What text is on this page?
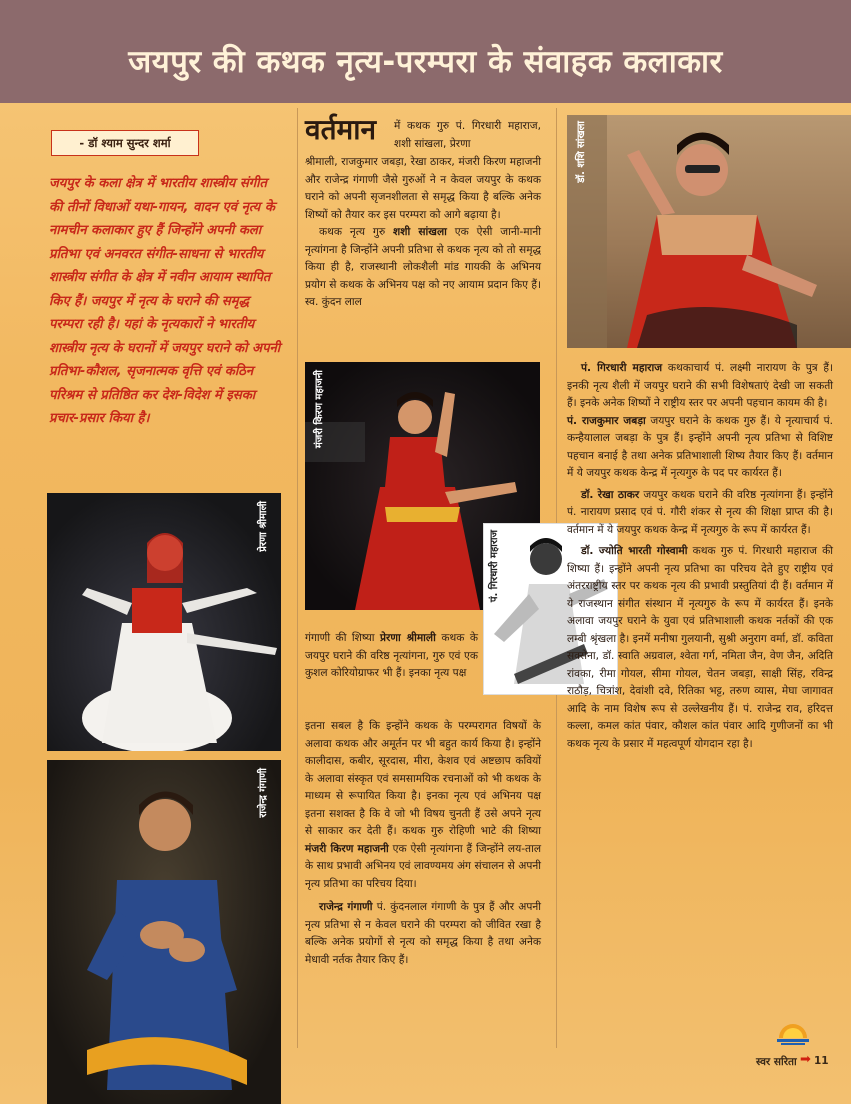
जयपुर की कथक नृत्य-परम्परा के संवाहक कलाकार
- डॉ श्याम सुन्दर शर्मा
जयपुर के कला क्षेत्र में भारतीय शास्त्रीय संगीत की तीनों विधाओं यथा-गायन, वादन एवं नृत्य के नामचीन कलाकार हुए हैं जिन्होंने अपनी कला प्रतिभा एवं अनवरत संगीत-साधना से भारतीय शास्त्रीय संगीत के क्षेत्र में नवीन आयाम स्थापित किए हैं। जयपुर में नृत्य के घराने की समृद्ध परम्परा रही है। यहां के नृत्यकारों ने भारतीय शास्त्रीय नृत्य के घरानों में जयपुर घराने को अपनी प्रतिभा-कौशल, सृजनात्मक वृत्ति एवं कठिन परिश्रम से प्रतिष्ठित कर देश-विदेश में इसका प्रचार-प्रसार किया है।
प्रेरणा श्रीमाली
राजेन्द्र गंगाणी
वर्तमान में कथक गुरु पं. गिरधारी महाराज, शशी सांखला, प्रेरणा

श्रीमाली, राजकुमार जबड़ा, रेखा ठाकर, मंजरी किरण महाजनी और राजेन्द्र गंगाणी जैसे गुरुओं ने न केवल जयपुर के कथक घराने को अपनी सृजनशीलता से समृद्ध किया है बल्कि अनेक शिष्यों को तैयार कर इस परम्परा को आगे बढ़ाया है।

कथक नृत्य गुरु शशी सांखला एक ऐसी जानी-मानी नृत्यांगना है जिन्होंने अपनी प्रतिभा से कथक नृत्य को तो समृद्ध किया ही है, राजस्थानी लोकशैली मांड गायकी के अभिनय प्रयोग से कथक के अभिनय पक्ष को नए आयाम प्रदान किए हैं। स्व. कुंदन लाल

मंजरी किरण महाजनी
पं. गिरधारी महाराज
गंगाणी की शिष्या प्रेरणा श्रीमाली कथक के जयपुर घराने की वरिष्ठ नृत्यांगना, गुरु एवं एक कुशल कोरियोग्राफर भी हैं। इनका नृत्य पक्ष

इतना सबल है कि इन्होंने कथक के परम्परागत विषयों के अलावा कथक और अमूर्तन पर भी बहुत कार्य किया है। इन्होंने कालीदास, कबीर, सूरदास, मीरा, केशव एवं अष्टछाप कवियों के अलावा संस्कृत एवं समसामयिक रचनाओं को भी कथक के माध्यम से रूपायित किया है। इनका नृत्य एवं अभिनय पक्ष इतना सशक्त है कि वे जो भी विषय चुनती हैं उसे अपने नृत्य से साकार कर देती हैं। कथक गुरु रोहिणी भाटे की शिष्या मंजरी किरण महाजनी एक ऐसी नृत्यांगना हैं जिन्होंने लय-ताल के साथ प्रभावी अभिनय एवं लावण्यमय अंग संचालन से अपनी नृत्य प्रतिभा का परिचय दिया।

राजेन्द्र गंगाणी पं. कुंदनलाल गंगाणी के पुत्र हैं और अपनी नृत्य प्रतिभा से न केवल घराने की परम्परा को जीवित रखा है बल्कि अनेक प्रयोगों से नृत्य को समृद्ध किया है तथा अनेक मेधावी नर्तक तैयार किए हैं।

डॉ. शशि सांखला

पं. गिरधारी महाराज कथकाचार्य पं. लक्ष्मी नारायण के पुत्र हैं। इनकी नृत्य शैली में जयपुर घराने की सभी विशेषताएं देखी जा सकती हैं। इनके अनेक शिष्यों ने राष्ट्रीय स्तर पर अपनी पहचान कायम की है।

पं. राजकुमार जबड़ा जयपुर घराने के कथक गुरु हैं। ये नृत्याचार्य पं. कन्हैयालाल जबड़ा के पुत्र हैं। इन्होंने अपनी नृत्य प्रतिभा से विशिष्ट पहचान बनाई है तथा अनेक प्रतिभाशाली शिष्य तैयार किए हैं। वर्तमान में ये जयपुर कथक केन्द्र में नृत्यगुरु के पद पर कार्यरत हैं।

डॉ. रेखा ठाकर जयपुर कथक घराने की वरिष्ठ नृत्यांगना हैं। इन्होंने पं. नारायण प्रसाद एवं पं. गौरी शंकर से नृत्य की शिक्षा प्राप्त की है। वर्तमान में ये जयपुर कथक केन्द्र में नृत्यगुरु के रूप में कार्यरत हैं।

डॉ. ज्योति भारती गोस्वामी कथक गुरु पं. गिरधारी महाराज की शिष्या हैं। इन्होंने अपनी नृत्य प्रतिभा का परिचय देते हुए राष्ट्रीय एवं अंतरराष्ट्रीय स्तर पर कथक नृत्य की प्रभावी प्रस्तुतियां दी हैं। वर्तमान में ये राजस्थान संगीत संस्थान में नृत्यगुरु के रूप में कार्यरत हैं। इनके अलावा जयपुर घराने के युवा एवं प्रतिभाशाली कथक नर्तकों की एक लम्बी श्रृंखला है। इनमें मनीषा गुलयानी, सुश्री अनुराग वर्मा, डॉ. कविता सक्सेना, डॉ. स्वाति अग्रवाल, श्वेता गर्ग, नमिता जैन, वेण जैन, अदिति रांवका, रीमा गोयल, सीमा गोयल, चेतन जबड़ा, साक्षी सिंह, रविन्द्र राठौड़, चित्रांश, देवांशी दवे, रितिका भट्ट, तरुण व्यास, मेघा जागावत आदि के नाम विशेष रूप से उल्लेखनीय हैं। पं. राजेन्द्र राव, हरिदत्त कल्ला, कमल कांत पंवार, कौशल कांत पंवार आदि गुणीजनों का भी कथक नृत्य के प्रसार में महत्वपूर्ण योगदान रहा है।

स्वर सरिता ➡ 11
